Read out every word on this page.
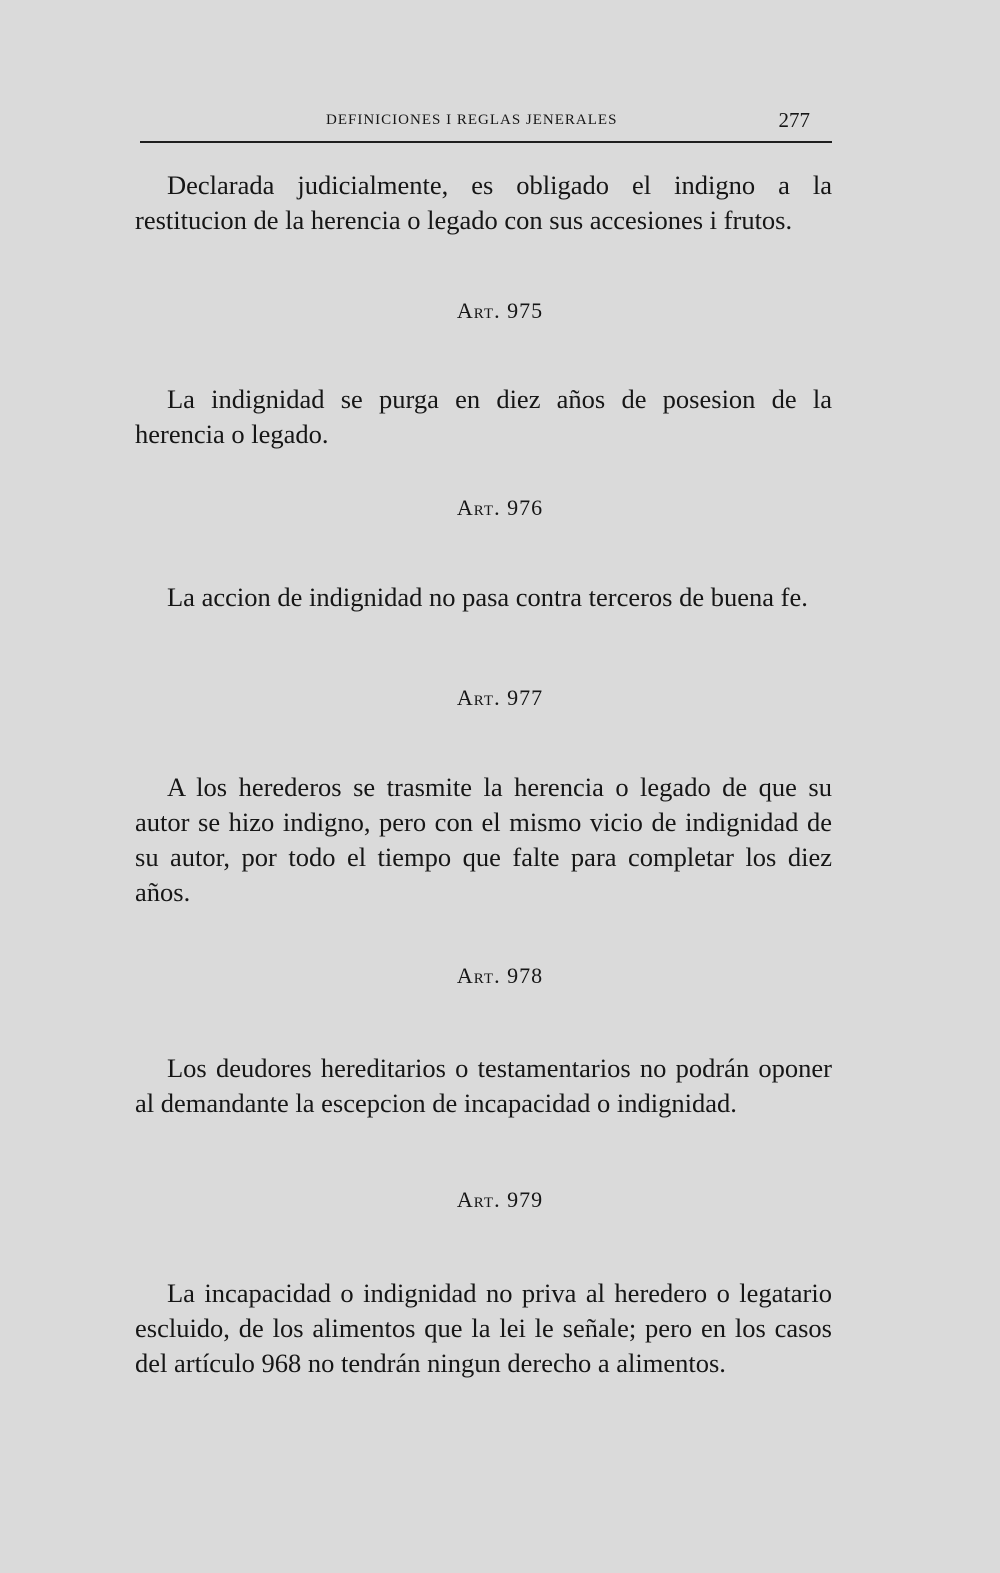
DEFINICIONES I REGLAS JENERALES	277

Declarada judicialmente, es obligado el indigno a la restitucion de la herencia o legado con sus accesiones i frutos.

Art. 975

La indignidad se purga en diez años de posesion de la herencia o legado.

Art. 976

La accion de indignidad no pasa contra terceros de buena fe.

Art. 977

A los herederos se trasmite la herencia o legado de que su autor se hizo indigno, pero con el mismo vicio de indignidad de su autor, por todo el tiempo que falte para completar los diez años.

Art. 978

Los deudores hereditarios o testamentarios no podrán oponer al demandante la escepcion de incapacidad o indignidad.

Art. 979

La incapacidad o indignidad no priva al heredero o legatario escluido, de los alimentos que la lei le señale; pero en los casos del artículo 968 no tendrán ningun derecho a alimentos.
